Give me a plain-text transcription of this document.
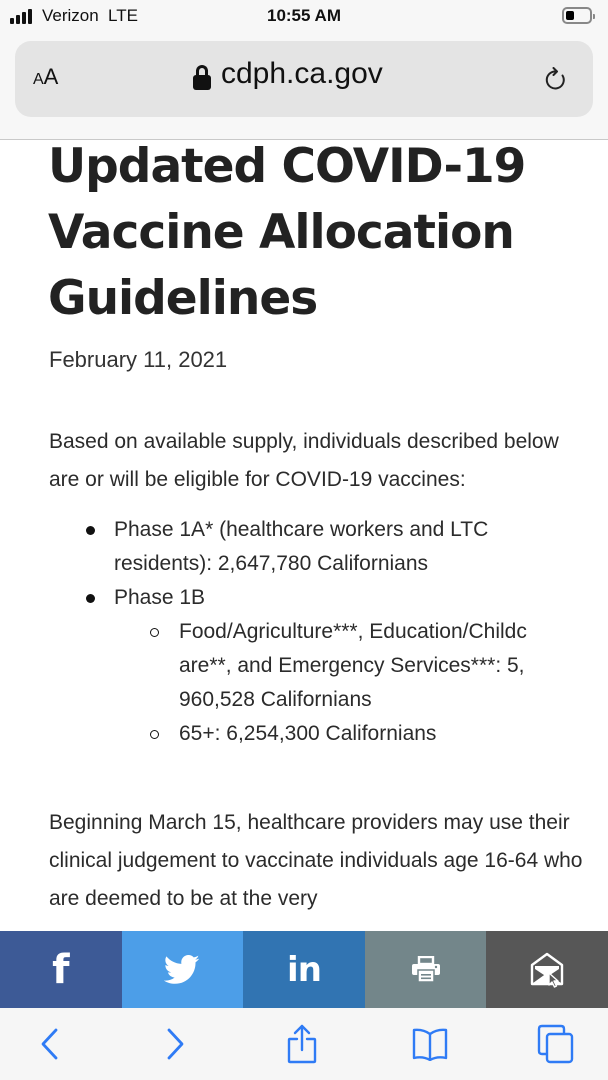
Verizon LTE	10:55 AM
AA	cdph.ca.gov
Updated COVID-19 Vaccine Allocation Guidelines
February 11, 2021

Based on available supply, individuals described below are or will be eligible for COVID-19 vaccines:

Phase 1A* (healthcare workers and LTC residents): 2,647,780 Californians
Phase 1B
Food/Agriculture***, Education/Childcare**, and Emergency Services***: 5,960,528 Californians
65+: 6,254,300 Californians

Beginning March 15, healthcare providers may use their clinical judgement to vaccinate individuals age 16-64 who are deemed to be at the very

f	in
